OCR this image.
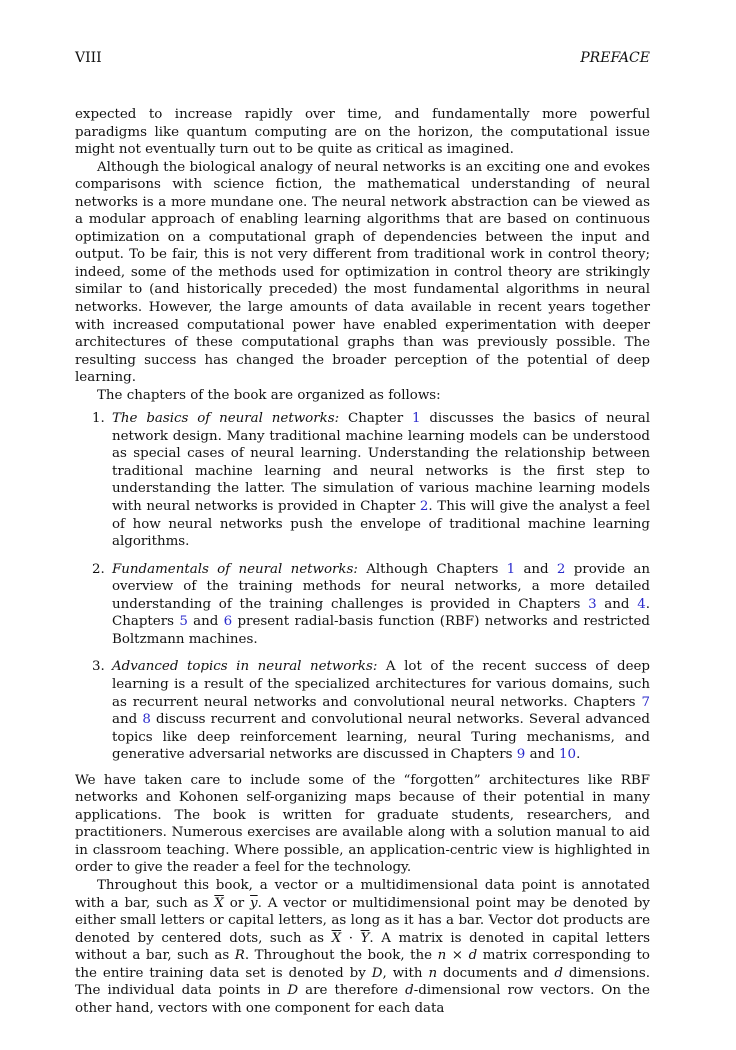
VIII	PREFACE

expected to increase rapidly over time, and fundamentally more powerful paradigms like quantum computing are on the horizon, the computational issue might not eventually turn out to be quite as critical as imagined.

Although the biological analogy of neural networks is an exciting one and evokes comparisons with science fiction, the mathematical understanding of neural networks is a more mundane one. The neural network abstraction can be viewed as a modular approach of enabling learning algorithms that are based on continuous optimization on a computational graph of dependencies between the input and output. To be fair, this is not very different from traditional work in control theory; indeed, some of the methods used for optimization in control theory are strikingly similar to (and historically preceded) the most fundamental algorithms in neural networks. However, the large amounts of data available in recent years together with increased computational power have enabled experimentation with deeper architectures of these computational graphs than was previously possible. The resulting success has changed the broader perception of the potential of deep learning.

The chapters of the book are organized as follows:

1. The basics of neural networks: Chapter 1 discusses the basics of neural network design. Many traditional machine learning models can be understood as special cases of neural learning. Understanding the relationship between traditional machine learning and neural networks is the first step to understanding the latter. The simulation of various machine learning models with neural networks is provided in Chapter 2. This will give the analyst a feel of how neural networks push the envelope of traditional machine learning algorithms.
2. Fundamentals of neural networks: Although Chapters 1 and 2 provide an overview of the training methods for neural networks, a more detailed understanding of the training challenges is provided in Chapters 3 and 4. Chapters 5 and 6 present radial-basis function (RBF) networks and restricted Boltzmann machines.
3. Advanced topics in neural networks: A lot of the recent success of deep learning is a result of the specialized architectures for various domains, such as recurrent neural networks and convolutional neural networks. Chapters 7 and 8 discuss recurrent and convolutional neural networks. Several advanced topics like deep reinforcement learning, neural Turing mechanisms, and generative adversarial networks are discussed in Chapters 9 and 10.

We have taken care to include some of the “forgotten” architectures like RBF networks and Kohonen self-organizing maps because of their potential in many applications. The book is written for graduate students, researchers, and practitioners. Numerous exercises are available along with a solution manual to aid in classroom teaching. Where possible, an application-centric view is highlighted in order to give the reader a feel for the technology.

Throughout this book, a vector or a multidimensional data point is annotated with a bar, such as $\overline{X}$ or $\overline{y}$. A vector or multidimensional point may be denoted by either small letters or capital letters, as long as it has a bar. Vector dot products are denoted by centered dots, such as $\overline{X} \cdot \overline{Y}$. A matrix is denoted in capital letters without a bar, such as R. Throughout the book, the n × d matrix corresponding to the entire training data set is denoted by D, with n documents and d dimensions. The individual data points in D are therefore d-dimensional row vectors. On the other hand, vectors with one component for each data
